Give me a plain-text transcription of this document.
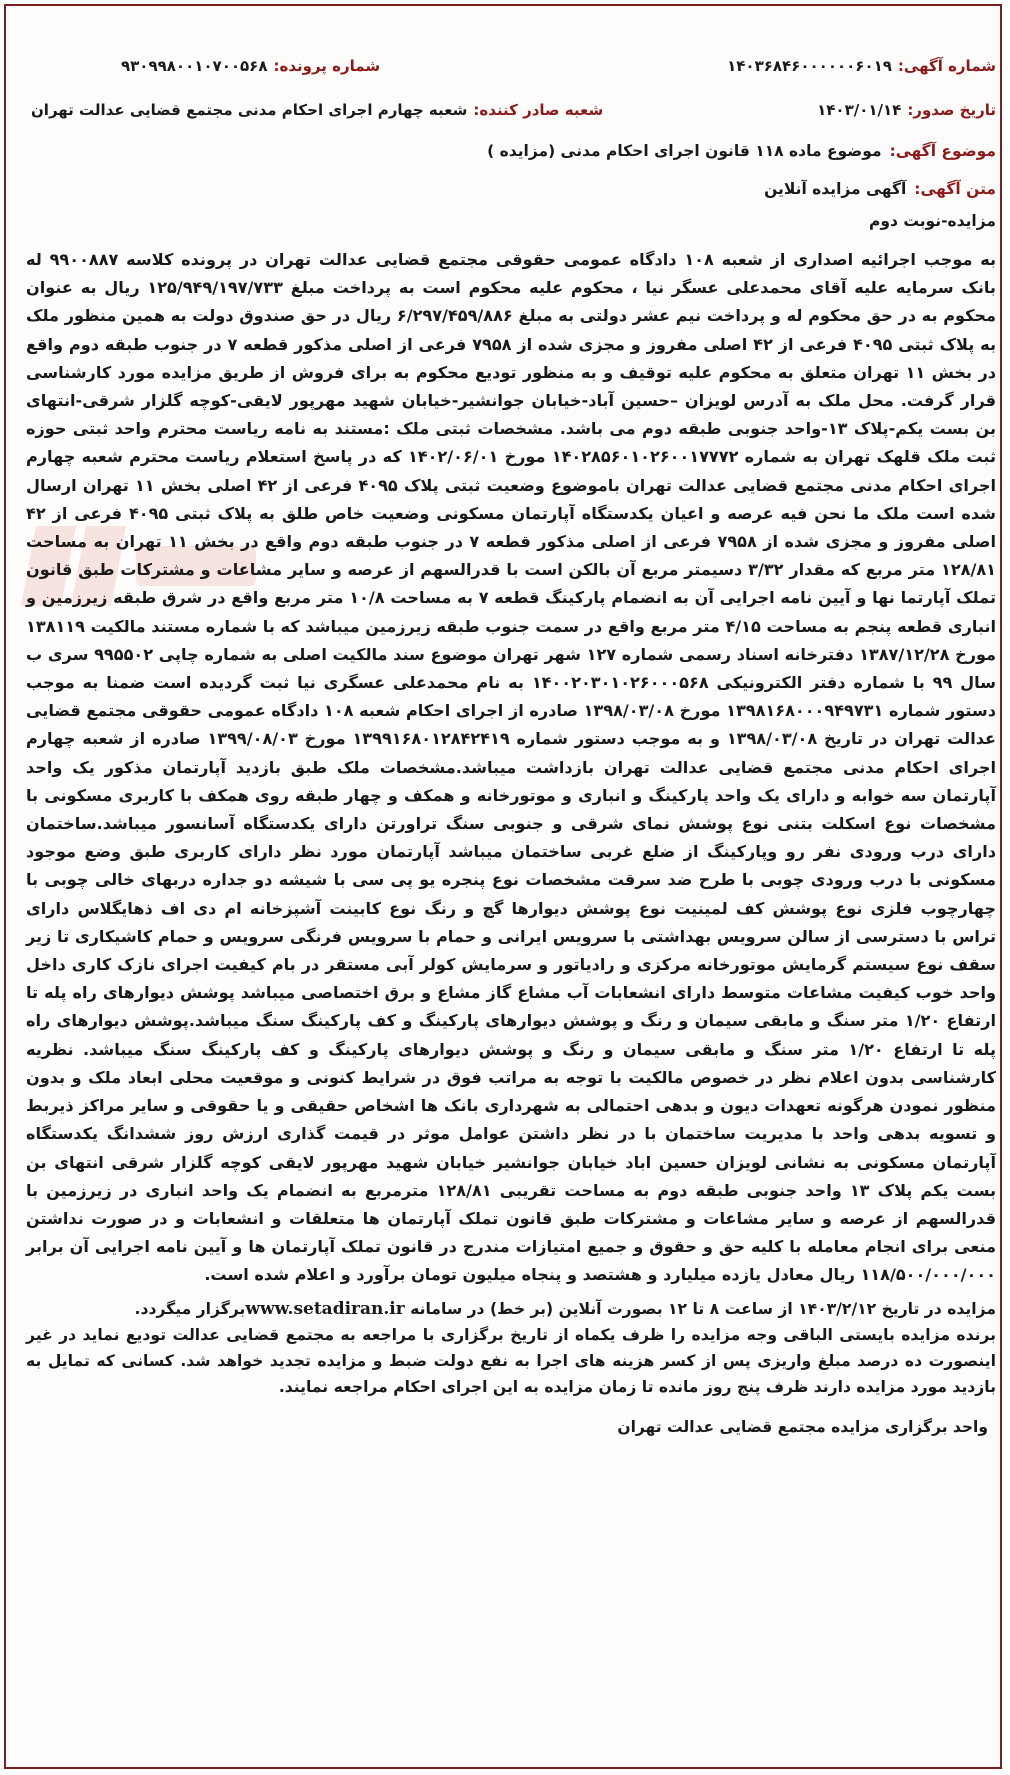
شماره آگهی:
۱۴۰۳۶۸۴۶۰۰۰۰۰۰۶۰۱۹
شماره پرونده:
۹۳۰۹۹۸۰۰۱۰۷۰۰۵۶۸
تاریخ صدور:
۱۴۰۳/۰۱/۱۴
شعبه صادر کننده:
شعبه چهارم اجرای احکام مدنی مجتمع قضایی عدالت تهران
موضوع آگهی:
موضوع ماده ۱۱۸ قانون اجرای احکام مدنی (مزایده )
متن آگهی:
آگهی مزایده آنلاین
مزایده-نوبت دوم

به موجب اجرائیه اصداری از شعبه ۱۰۸ دادگاه عمومی حقوقی مجتمع قضایی عدالت تهران در پرونده کلاسه ۹۹۰۰۸۸۷ له بانک سرمایه علیه آقای محمدعلی عسگر نیا ، محکوم علیه محکوم است به پرداخت مبلغ ۱۲۵/۹۴۹/۱۹۷/۷۳۳ ریال به عنوان محکوم به در حق محکوم له و پرداخت نیم عشر دولتی به مبلغ ۶/۲۹۷/۴۵۹/۸۸۶ ریال در حق صندوق دولت به همین منظور ملک به پلاک ثبتی ۴۰۹۵ فرعی از ۴۲ اصلی مفروز و مجزی شده از ۷۹۵۸ فرعی از اصلی مذکور قطعه ۷ در جنوب طبقه دوم واقع در بخش ۱۱ تهران متعلق به محکوم علیه توقیف و به منظور تودیع محکوم به برای فروش از طریق مزایده مورد کارشناسی قرار گرفت. محل ملک به آدرس لویزان –حسین آباد-خیابان جوانشیر-خیابان شهید مهرپور لایقی-کوچه گلزار شرقی-انتهای بن بست یکم-پلاک ۱۳-واحد جنوبی طبقه دوم می باشد. مشخصات ثبتی ملک :مستند به نامه ریاست محترم واحد ثبتی حوزه ثبت ملک قلهک تهران به شماره ۱۴۰۲۸۵۶۰۱۰۲۶۰۰۱۷۷۷۲ مورخ ۱۴۰۲/۰۶/۰۱ که در پاسخ استعلام ریاست محترم شعبه چهارم اجرای احکام مدنی مجتمع قضایی عدالت تهران باموضوع وضعیت ثبتی پلاک ۴۰۹۵ فرعی از ۴۲ اصلی بخش ۱۱ تهران ارسال شده است ملک ما نحن فیه عرصه و اعیان یکدستگاه آپارتمان مسکونی وضعیت خاص طلق به پلاک ثبتی ۴۰۹۵ فرعی از ۴۲ اصلی مفروز و مجزی شده از ۷۹۵۸ فرعی از اصلی مذکور قطعه ۷ در جنوب طبقه دوم واقع در بخش ۱۱ تهران به مساحت ۱۲۸/۸۱ متر مربع که مقدار ۳/۳۲ دسیمتر مربع آن بالکن است با قدرالسهم از عرصه و سایر مشاعات و مشترکات طبق قانون تملک آپارتما نها و آیین نامه اجرایی آن به انضمام پارکینگ قطعه ۷ به مساحت ۱۰/۸ متر مربع واقع در شرق طبقه زیرزمین و انباری قطعه پنجم به مساحت ۴/۱۵ متر مربع واقع در سمت جنوب طبقه زیرزمین میباشد که با شماره مستند مالکیت ۱۳۸۱۱۹ مورخ ۱۳۸۷/۱۲/۲۸ دفترخانه اسناد رسمی شماره ۱۲۷ شهر تهران موضوع سند مالکیت اصلی به شماره چاپی ۹۹۵۵۰۲ سری ب سال ۹۹ با شماره دفتر الکترونیکی ۱۴۰۰۲۰۳۰۱۰۲۶۰۰۰۵۶۸ به نام محمدعلی عسگری نیا ثبت گردیده است ضمنا به موجب دستور شماره ۱۳۹۸۱۶۸۰۰۰۹۴۹۷۳۱ مورخ ۱۳۹۸/۰۳/۰۸ صادره از اجرای احکام شعبه ۱۰۸ دادگاه عمومی حقوقی مجتمع قضایی عدالت تهران در تاریخ ۱۳۹۸/۰۳/۰۸ و به موجب دستور شماره ۱۳۹۹۱۶۸۰۱۲۸۴۲۴۱۹ مورخ ۱۳۹۹/۰۸/۰۳ صادره از شعبه چهارم اجرای احکام مدنی مجتمع قضایی عدالت تهران بازداشت میباشد.مشخصات ملک طبق بازدید آپارتمان مذکور یک واحد آپارتمان سه خوابه و دارای یک واحد پارکینگ و انباری و موتورخانه و همکف و چهار طبقه روی همکف با کاربری مسکونی با مشخصات نوع اسکلت بتنی نوع پوشش نمای شرقی و جنوبی سنگ تراورتن دارای یکدستگاه آسانسور میباشد.ساختمان دارای درب ورودی نفر رو وپارکینگ از ضلع غربی ساختمان میباشد آپارتمان مورد نظر دارای کاربری طبق وضع موجود مسکونی با درب ورودی چوبی با طرح ضد سرقت مشخصات نوع پنجره یو پی سی با شیشه دو جداره دربهای خالی چوبی با چهارچوب فلزی نوع پوشش کف لمینیت نوع پوشش دیوارها گچ و رنگ نوع کابینت آشپزخانه ام دی اف ذهایگلاس دارای تراس با دسترسی از سالن سرویس بهداشتی با سرویس ایرانی و حمام با سرویس فرنگی سرویس و حمام کاشیکاری تا زیر سقف نوع سیستم گرمایش موتورخانه مرکزی و رادیاتور و سرمایش کولر آبی مستقر در بام کیفیت اجرای نازک کاری داخل واحد خوب کیفیت مشاعات متوسط دارای انشعابات آب مشاع گاز مشاع و برق اختصاصی میباشد پوشش دیوارهای راه پله تا ارتفاع ۱/۲۰ متر سنگ و مابقی سیمان و رنگ و پوشش دیوارهای پارکینگ و کف پارکینگ سنگ میباشد.پوشش دیوارهای راه پله تا ارتفاع ۱/۲۰ متر سنگ و مابقی سیمان و رنگ و پوشش دیوارهای پارکینگ و کف پارکینگ سنگ میباشد. نظریه کارشناسی بدون اعلام نظر در خصوص مالکیت با توجه به مراتب فوق در شرایط کنونی و موقعیت محلی ابعاد ملک و بدون منظور نمودن هرگونه تعهدات دیون و بدهی احتمالی به شهرداری بانک ها اشخاص حقیقی و یا حقوقی و سایر مراکز ذیربط و تسویه بدهی واحد با مدیریت ساختمان با در نظر داشتن عوامل موثر در قیمت گذاری ارزش روز ششدانگ یکدستگاه آپارتمان مسکونی به نشانی لویزان حسین اباد خیابان جوانشیر خیابان شهید مهرپور لایقی کوچه گلزار شرقی انتهای بن بست یکم پلاک ۱۳ واحد جنوبی طبقه دوم به مساحت تقریبی ۱۲۸/۸۱ مترمربع به انضمام یک واحد انباری در زیرزمین با قدرالسهم از عرصه و سایر مشاعات و مشترکات طبق قانون تملک آپارتمان ها متعلقات و انشعابات و در صورت نداشتن منعی برای انجام معامله با کلیه حق و حقوق و جمیع امتیازات مندرج در قانون تملک آپارتمان ها و آیین نامه اجرایی آن برابر ۱۱۸/۵۰۰/۰۰۰/۰۰۰ ریال معادل یازده میلیارد و هشتصد و پنجاه میلیون تومان برآورد و اعلام شده است.

مزایده در تاریخ ۱۴۰۳/۲/۱۲ از ساعت ۸ تا ۱۲ بصورت آنلاین (بر خط) در سامانه www.setadiran.irبرگزار میگردد.

برنده مزایده بایستی الباقی وجه مزایده را ظرف یکماه از تاریخ برگزاری با مراجعه به مجتمع قضایی عدالت تودیع نماید در غیر اینصورت ده درصد مبلغ واریزی پس از کسر هزینه های اجرا به نفع دولت ضبط و مزایده تجدید خواهد شد. کسانی که تمایل به بازدید مورد مزایده دارند ظرف پنج روز مانده تا زمان مزایده به این اجرای احکام مراجعه نمایند.

واحد برگزاری مزایده مجتمع قضایی عدالت تهران
